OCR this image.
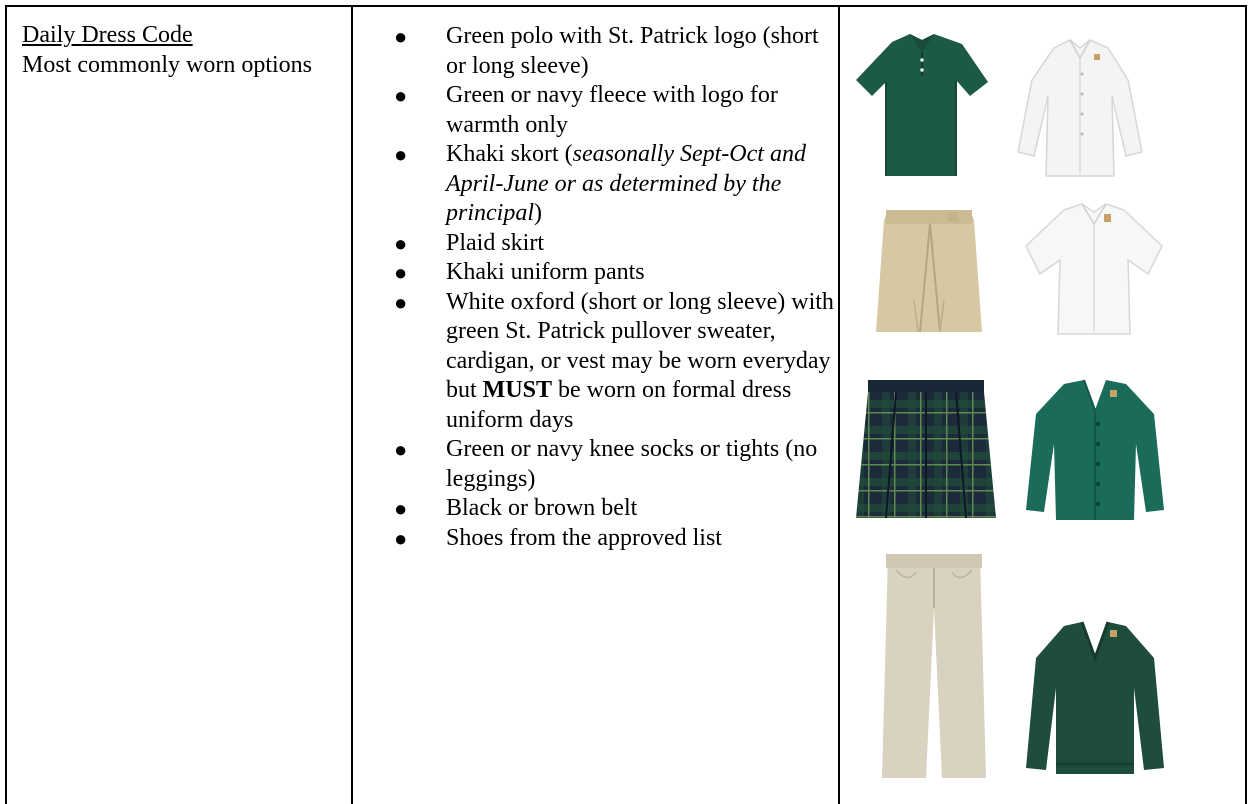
Daily Dress Code
Most commonly worn options
● Green polo with St. Patrick logo (short or long sleeve)
● Green or navy fleece with logo for warmth only
● Khaki skort (seasonally Sept-Oct and April-June or as determined by the principal)
● Plaid skirt
● Khaki uniform pants
● White oxford (short or long sleeve) with green St. Patrick pullover sweater, cardigan, or vest may be worn everyday but MUST be worn on formal dress uniform days
● Green or navy knee socks or tights (no leggings)
● Black or brown belt
● Shoes from the approved list
